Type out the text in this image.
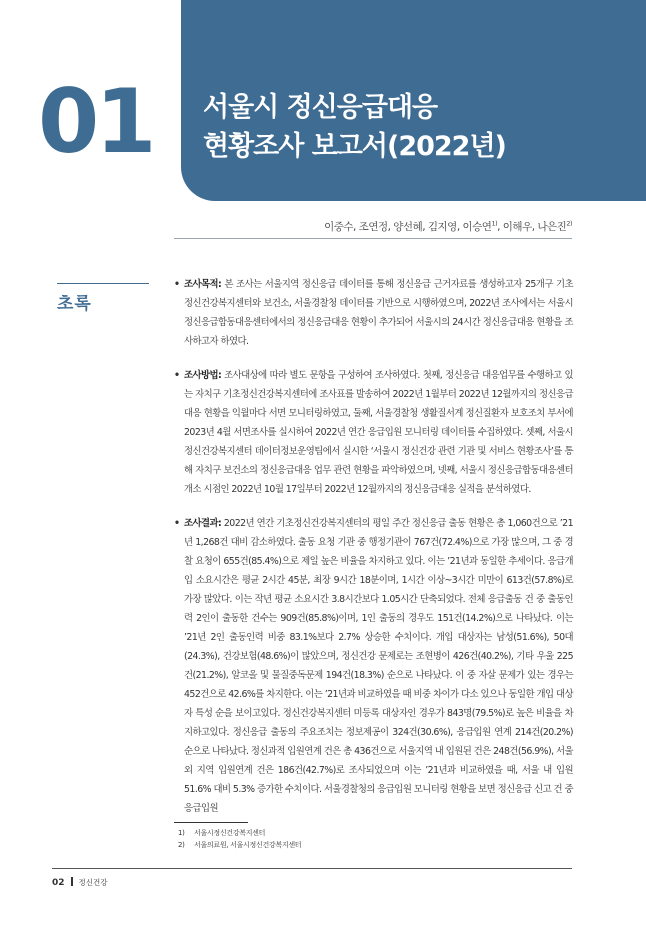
01 서울시 정신응급대응
현황조사 보고서(2022년)
이중수, 조연정, 양선혜, 김지영, 이승연$^{1)}$, 이해우, 나은진$^{2)}$
초록
• 조사목적: 본 조사는 서울지역 정신응급 데이터를 통해 정신응급 근거자료를 생성하고자 25개구 기초정신건강복지센터와 보건소, 서울경찰청 데이터를 기반으로 시행하였으며, 2022년 조사에서는 서울시 정신응급합동대응센터에서의 정신응급대응 현황이 추가되어 서울시의 24시간 정신응급대응 현황을 조사하고자 하였다.
• 조사방법: 조사대상에 따라 별도 문항을 구성하여 조사하였다. 첫째, 정신응급 대응업무를 수행하고 있는 자치구 기초정신건강복지센터에 조사표를 발송하여 2022년 1월부터 2022년 12월까지의 정신응급대응 현황을 익월마다 서면 모니터링하였고, 둘째, 서울경찰청 생활질서계 정신질환자 보호조치 부서에 2023년 4월 서면조사를 실시하여 2022년 연간 응급입원 모니터링 데이터를 수집하였다. 셋째, 서울시정신건강복지센터 데이터정보운영팀에서 실시한 ‘서울시 정신건강 관련 기관 및 서비스 현황조사’를 통해 자치구 보건소의 정신응급대응 업무 관련 현황을 파악하였으며, 넷째, 서울시 정신응급합동대응센터 개소 시점인 2022년 10월 17일부터 2022년 12월까지의 정신응급대응 실적을 분석하였다.
• 조사결과: 2022년 연간 기초정신건강복지센터의 평일 주간 정신응급 출동 현황은 총 1,060건으로 ’21년 1,268건 대비 감소하였다. 출동 요청 기관 중 행정기관이 767건(72.4%)으로 가장 많으며, 그 중 경찰 요청이 655건(85.4%)으로 제일 높은 비율을 차지하고 있다. 이는 ’21년과 동일한 추세이다. 응급개입 소요시간은 평균 2시간 45분, 최장 9시간 18분이며, 1시간 이상~3시간 미만이 613건(57.8%)로 가장 많았다. 이는 작년 평균 소요시간 3.8시간보다 1.05시간 단축되었다. 전체 응급출동 건 중 출동인력 2인이 출동한 건수는 909건(85.8%)이며, 1인 출동의 경우도 151건(14.2%)으로 나타났다. 이는 ’21년 2인 출동인력 비중 83.1%보다 2.7% 상승한 수치이다. 개입 대상자는 남성(51.6%), 50대(24.3%), 건강보험(48.6%)이 많았으며, 정신건강 문제로는 조현병이 426건(40.2%), 기타 우울 225건(21.2%), 알코올 및 물질중독문제 194건(18.3%) 순으로 나타났다. 이 중 자살 문제가 있는 경우는 452건으로 42.6%를 차지한다. 이는 ’21년과 비교하였을 때 비중 차이가 다소 있으나 동일한 개입 대상자 특성 순을 보이고있다. 정신건강복지센터 미등록 대상자인 경우가 843명(79.5%)로 높은 비율을 차지하고있다. 정신응급 출동의 주요조치는 정보제공이 324건(30.6%), 응급입원 연계 214건(20.2%) 순으로 나타났다. 정신과적 입원연계 건은 총 436건으로 서울지역 내 입원된 건은 248건(56.9%), 서울 외 지역 입원연계 건은 186건(42.7%)로 조사되었으며 이는 ’21년과 비교하였을 때, 서울 내 입원 51.6% 대비 5.3% 증가한 수치이다. 서울경찰청의 응급입원 모니터링 현황을 보면 정신응급 신고 건 중 응급입원
1) 서울시정신건강복지센터
2) 서울의료원, 서울시정신건강복지센터
02 정신건강
